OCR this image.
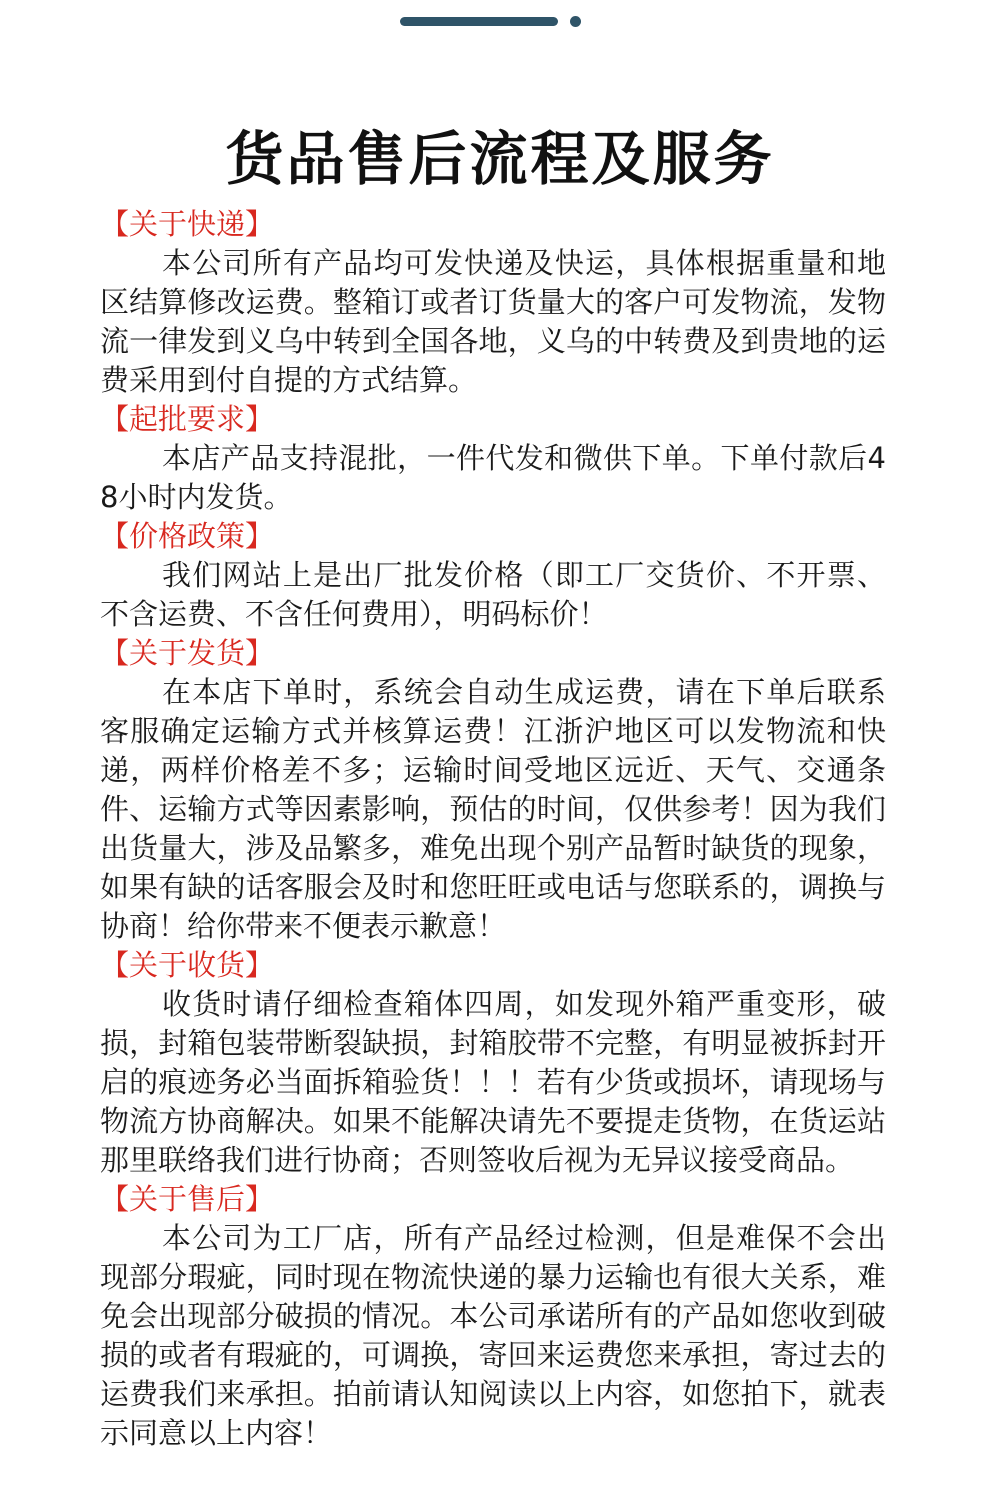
货品售后流程及服务

【关于快递】

本公司所有产品均可发快递及快运，具体根据重量和地区结算修改运费。整箱订或者订货量大的客户可发物流，发物流一律发到义乌中转到全国各地，义乌的中转费及到贵地的运费采用到付自提的方式结算。

【起批要求】

本店产品支持混批，一件代发和微供下单。下单付款后48小时内发货。

【价格政策】

我们网站上是出厂批发价格（即工厂交货价、不开票、不含运费、不含任何费用），明码标价！

【关于发货】

在本店下单时，系统会自动生成运费，请在下单后联系客服确定运输方式并核算运费！江浙沪地区可以发物流和快递，两样价格差不多；运输时间受地区远近、天气、交通条件、运输方式等因素影响，预估的时间，仅供参考！因为我们出货量大，涉及品繁多，难免出现个别产品暂时缺货的现象，如果有缺的话客服会及时和您旺旺或电话与您联系的，调换与协商！给你带来不便表示歉意！

【关于收货】

收货时请仔细检查箱体四周，如发现外箱严重变形，破损，封箱包装带断裂缺损，封箱胶带不完整，有明显被拆封开启的痕迹务必当面拆箱验货！！！若有少货或损坏，请现场与物流方协商解决。如果不能解决请先不要提走货物，在货运站那里联络我们进行协商；否则签收后视为无异议接受商品。

【关于售后】

本公司为工厂店，所有产品经过检测，但是难保不会出现部分瑕疵，同时现在物流快递的暴力运输也有很大关系，难免会出现部分破损的情况。本公司承诺所有的产品如您收到破损的或者有瑕疵的，可调换，寄回来运费您来承担，寄过去的运费我们来承担。拍前请认知阅读以上内容，如您拍下，就表示同意以上内容！
